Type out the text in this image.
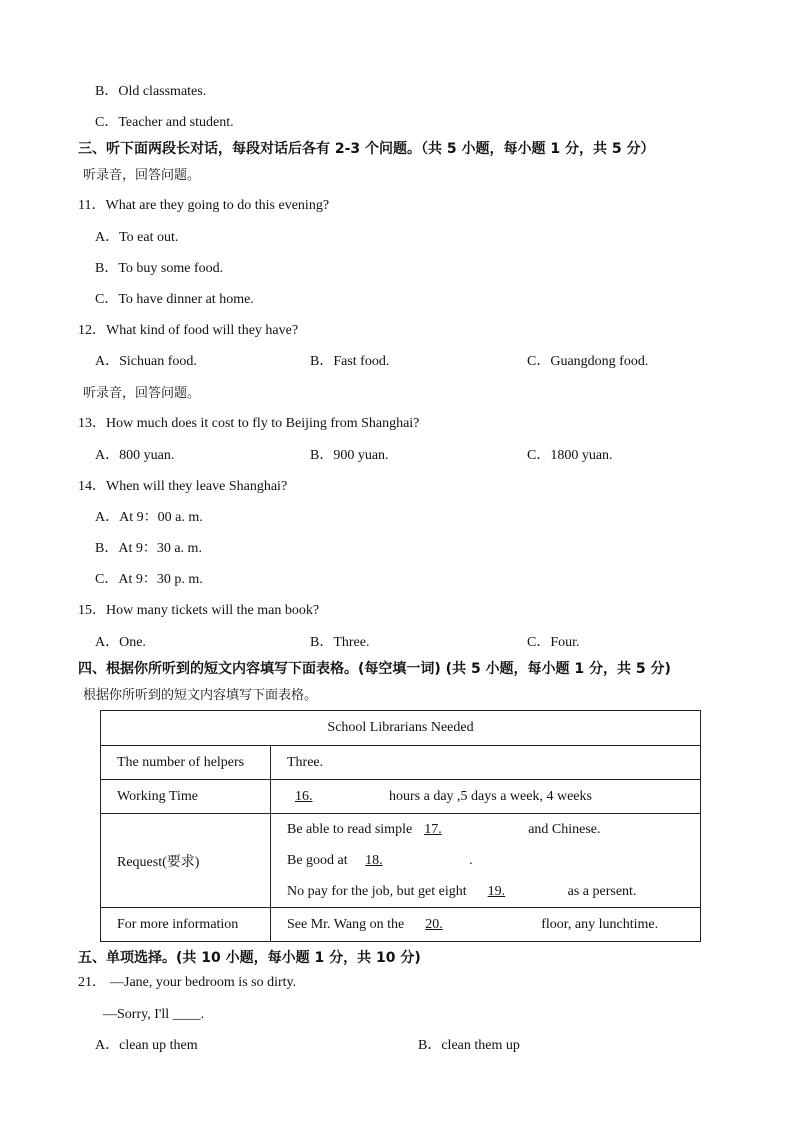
B．Old classmates.
C．Teacher and student.
三、听下面两段长对话，每段对话后各有 2-3 个问题。（共 5 小题，每小题 1 分，共 5 分）
听录音，回答问题。
11．What are they going to do this evening?
A．To eat out.
B．To buy some food.
C．To have dinner at home.
12．What kind of food will they have?
A．Sichuan food.	B．Fast food.	C．Guangdong food.
听录音，回答问题。
13．How much does it cost to fly to Beijing from Shanghai?
A．800 yuan.	B．900 yuan.	C．1800 yuan.
14．When will they leave Shanghai?
A．At 9：00 a. m.
B．At 9：30 a. m.
C．At 9：30 p. m.
15．How many tickets will the man book?
A．One.	B．Three.	C．Four.
四、根据你所听到的短文内容填写下面表格。(每空填一词) (共 5 小题，每小题 1 分，共 5 分)
根据你所听到的短文内容填写下面表格。
School Librarians Needed	
The number of helpers	Three.
Working Time	16. hours a day ,5 days a week, 4 weeks
Request(要求)	Be able to read simple 17. and Chinese.
Be good at 18. .
No pay for the job, but get eight 19. as a persent.

For more information	See Mr. Wang on the 20. floor, any lunchtime.
五、单项选择。(共 10 小题，每小题 1 分，共 10 分)
21． —Jane, your bedroom is so dirty.
—Sorry, I'll ____.
A．clean up them	B．clean them up
